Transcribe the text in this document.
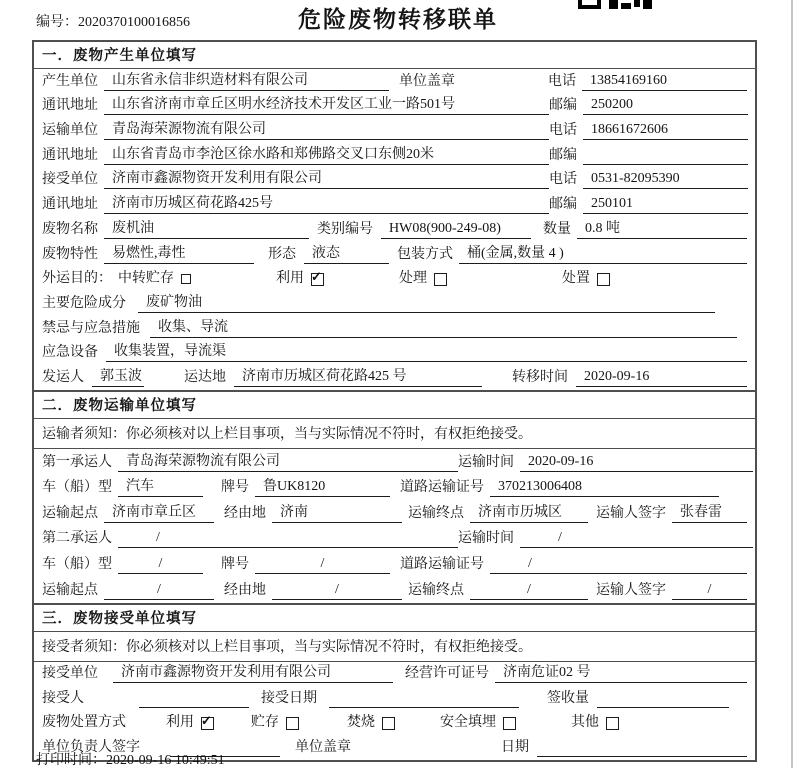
编号：2020370100016856	危险废物转移联单
一．废物产生单位填写
产生单位	山东省永信非织造材料有限公司	单位盖章	电话	13854169160
通讯地址	山东省济南市章丘区明水经济技术开发区工业一路501号	邮编	250200
运输单位	青岛海荣源物流有限公司	电话	18661672606
通讯地址	山东省青岛市李沧区徐水路和郑佛路交叉口东侧20米	邮编
接受单位	济南市鑫源物资开发利用有限公司	电话	0531-82095390
通讯地址	济南市历城区荷花路425号	邮编	250101
废物名称	废机油	类别编号	HW08(900-249-08)	数量	0.8 吨
废物特性	易燃性,毒性	形态	液态	包装方式	桶(金属,数量 4 )
外运目的： 中转贮存	利用 ✓	处理	处置
主要危险成分	废矿物油
禁忌与应急措施	收集、导流
应急设备	收集装置，导流渠
发运人	郭玉波	运达地	济南市历城区荷花路425 号	转移时间	2020-09-16
二．废物运输单位填写
运输者须知：你必须核对以上栏目事项，当与实际情况不符时，有权拒绝接受。
第一承运人	青岛海荣源物流有限公司	运输时间	2020-09-16
车（船）型	汽车	牌号	鲁UK8120	道路运输证号	370213006408
运输起点	济南市章丘区	经由地	济南	运输终点	济南市历城区	运输人签字	张春雷
第二承运人	/	运输时间	/
车（船）型	/	牌号	/	道路运输证号	/
运输起点	/	经由地	/	运输终点	/	运输人签字	/
三．废物接受单位填写
接受者须知：你必须核对以上栏目事项，当与实际情况不符时，有权拒绝接受。
接受单位	济南市鑫源物资开发利用有限公司	经营许可证号	济南危证02 号
接受人	接受日期	签收量
废物处置方式	利用 ✓	贮存	焚烧	安全填埋	其他
单位负责人签字	单位盖章	日期
打印时间：2020-09-16 10:49:51
